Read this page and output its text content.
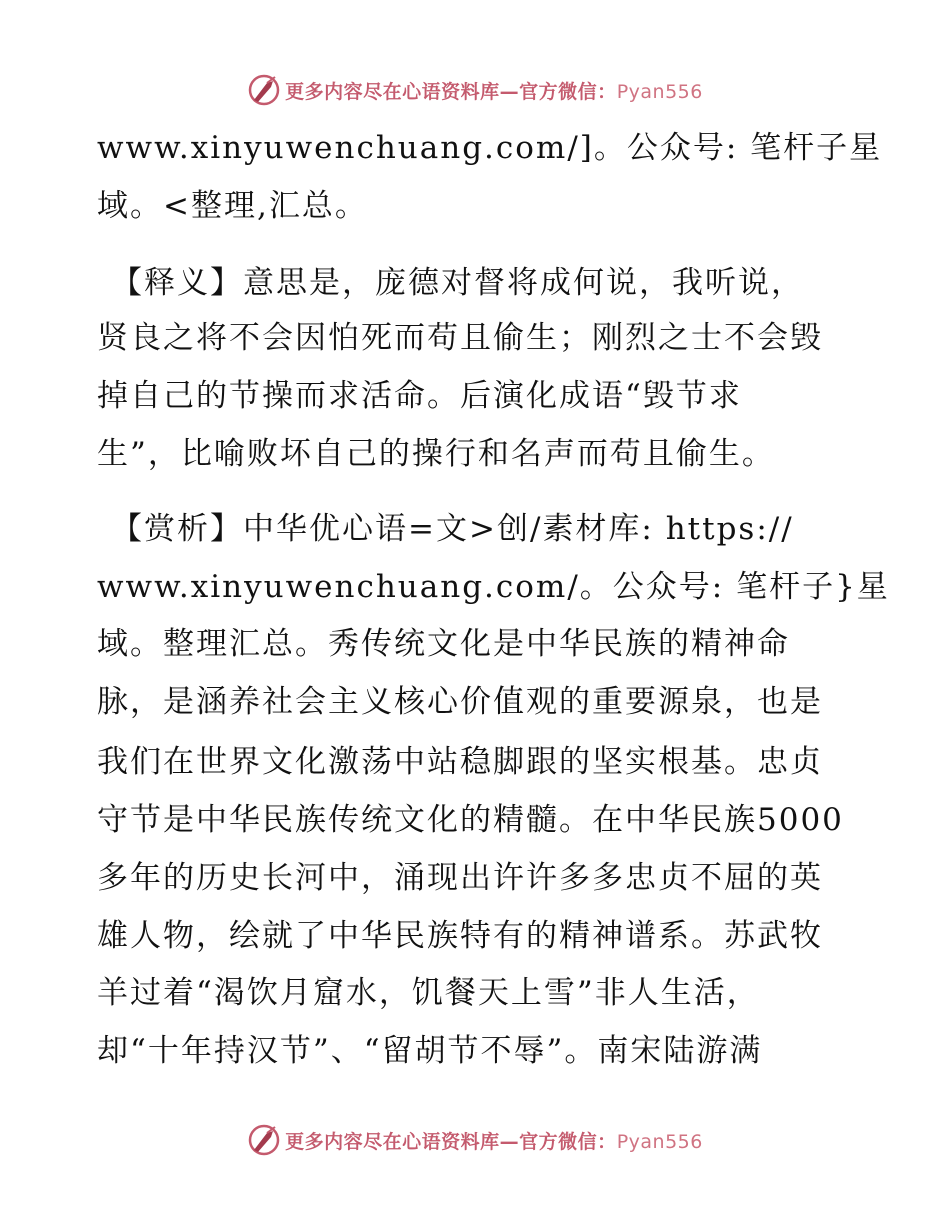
更多内容尽在心语资料库—官方微信：Pyan556
www.xinyuwenchuang.com/]。公众号: 笔杆子星
域。<整理,汇总。
【释义】意思是，庞德对督将成何说，我听说，
贤良之将不会因怕死而苟且偷生；刚烈之士不会毁
掉自己的节操而求活命。后演化成语“毁节求
生”，比喻败坏自己的操行和名声而苟且偷生。
【赏析】中华优心语=文>创/素材库: https://
www.xinyuwenchuang.com/。公众号: 笔杆子}星
域。整理汇总。秀传统文化是中华民族的精神命
脉，是涵养社会主义核心价值观的重要源泉，也是
我们在世界文化激荡中站稳脚跟的坚实根基。忠贞
守节是中华民族传统文化的精髓。在中华民族5000
多年的历史长河中，涌现出许许多多忠贞不屈的英
雄人物，绘就了中华民族特有的精神谱系。苏武牧
羊过着“渴饮月窟水，饥餐天上雪”非人生活，
却“十年持汉节”、“留胡节不辱”。南宋陆游满
更多内容尽在心语资料库—官方微信：Pyan556
